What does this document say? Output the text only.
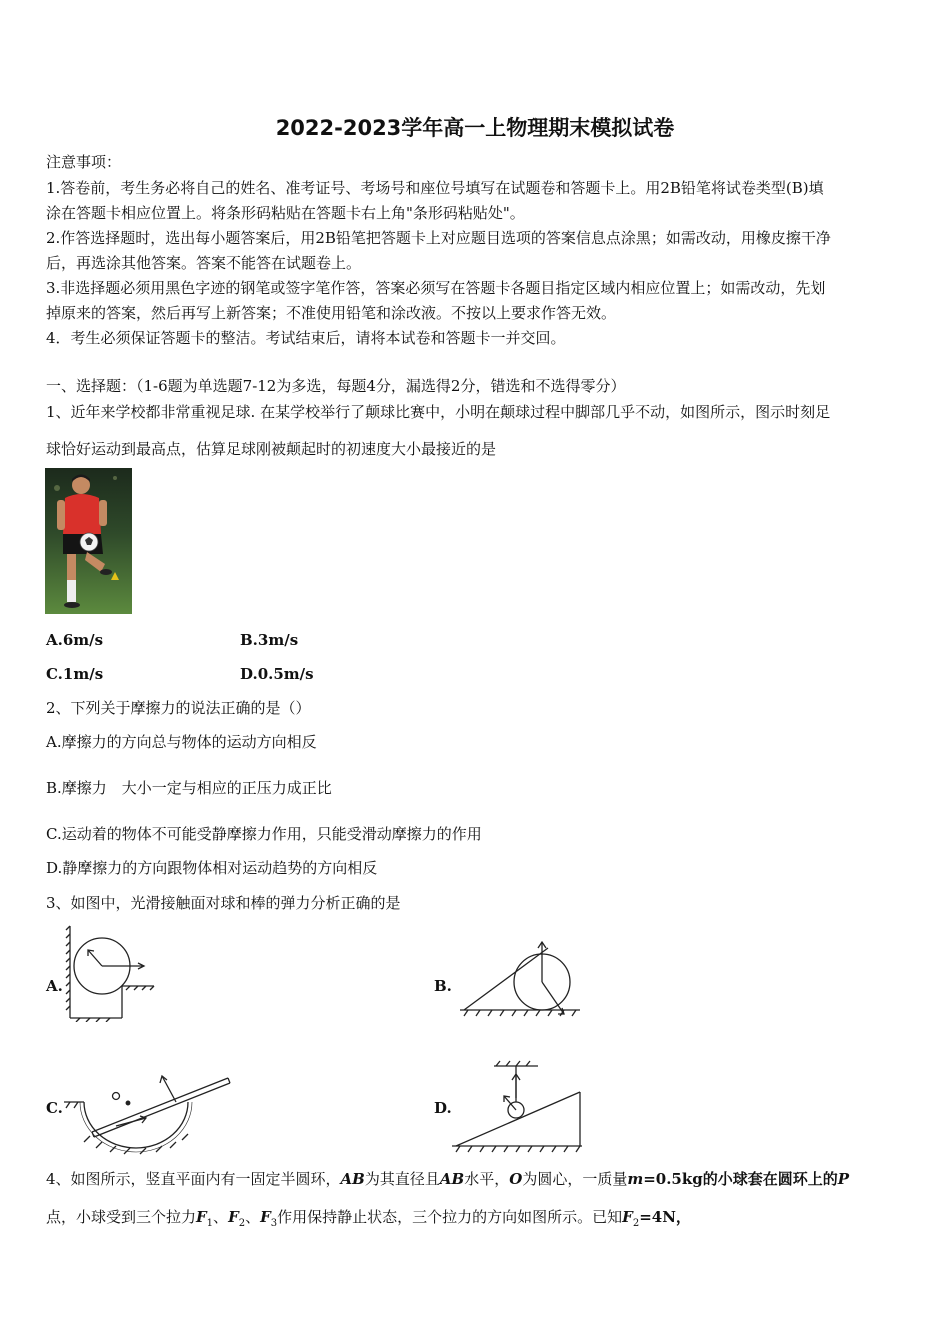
2022-2023学年高一上物理期末模拟试卷
注意事项：
1.答卷前，考生务必将自己的姓名、准考证号、考场号和座位号填写在试题卷和答题卡上。用2B铅笔将试卷类型(B)填
涂在答题卡相应位置上。将条形码粘贴在答题卡右上角"条形码粘贴处"。
2.作答选择题时，选出每小题答案后，用2B铅笔把答题卡上对应题目选项的答案信息点涂黑；如需改动，用橡皮擦干净
后，再选涂其他答案。答案不能答在试题卷上。
3.非选择题必须用黑色字迹的钢笔或签字笔作答，答案必须写在答题卡各题目指定区域内相应位置上；如需改动，先划
掉原来的答案，然后再写上新答案；不准使用铅笔和涂改液。不按以上要求作答无效。
4．考生必须保证答题卡的整洁。考试结束后，请将本试卷和答题卡一并交回。
一、选择题：（1-6题为单选题7-12为多选，每题4分，漏选得2分，错选和不选得零分）
1、近年来学校都非常重视足球. 在某学校举行了颠球比赛中，小明在颠球过程中脚部几乎不动，如图所示，图示时刻足
球恰好运动到最高点，估算足球刚被颠起时的初速度大小最接近的是
A.6m/s	B.3m/s
C.1m/s	D.0.5m/s
2、下列关于摩擦力的说法正确的是（）
A.摩擦力的方向总与物体的运动方向相反
B.摩擦力　大小一定与相应的正压力成正比
C.运动着的物体不可能受静摩擦力作用，只能受滑动摩擦力的作用
D.静摩擦力的方向跟物体相对运动趋势的方向相反
3、如图中，光滑接触面对球和棒的弹力分析正确的是
A.	B.
C.	D.
4、如图所示，竖直平面内有一固定半圆环，AB为其直径且AB水平，O为圆心，一质量m=0.5kg的小球套在圆环上的P
点，小球受到三个拉力$F_1$、$F_2$、$F_3$作用保持静止状态，三个拉力的方向如图所示。已知$F_2=4N$，
